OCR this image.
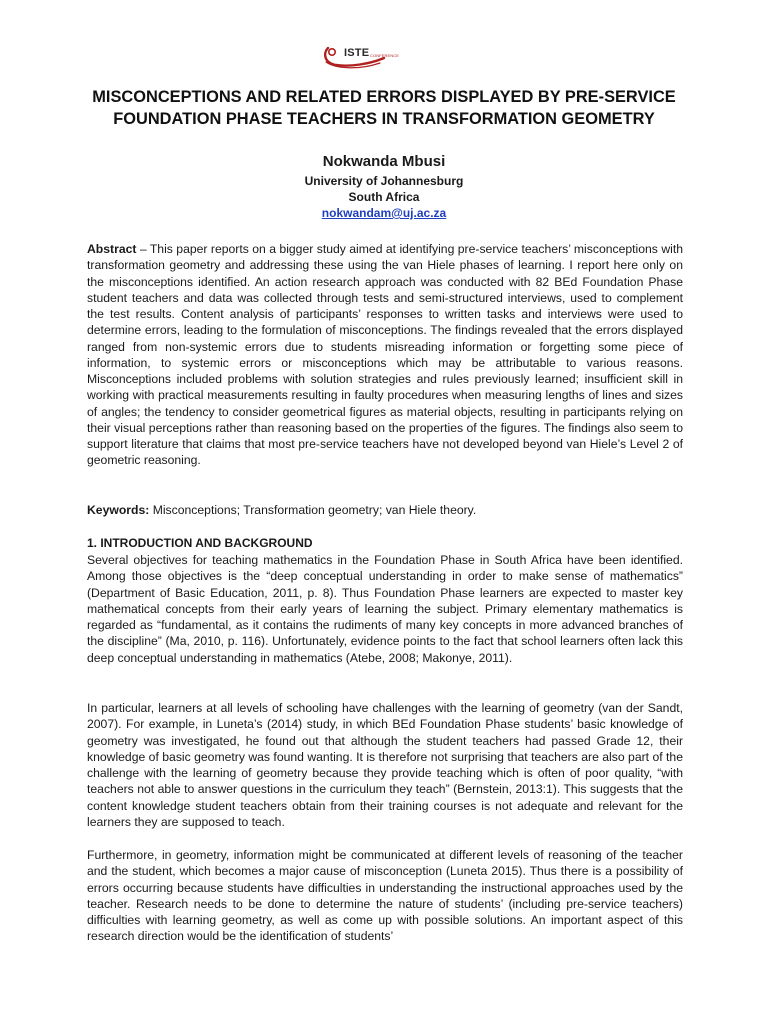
ISTE CONFERENCE
MISCONCEPTIONS AND RELATED ERRORS DISPLAYED BY PRE-SERVICE FOUNDATION PHASE TEACHERS IN TRANSFORMATION GEOMETRY
Nokwanda Mbusi
University of Johannesburg
South Africa
nokwandam@uj.ac.za
Abstract – This paper reports on a bigger study aimed at identifying pre-service teachers’ misconceptions with transformation geometry and addressing these using the van Hiele phases of learning. I report here only on the misconceptions identified. An action research approach was conducted with 82 BEd Foundation Phase student teachers and data was collected through tests and semi-structured interviews, used to complement the test results. Content analysis of participants’ responses to written tasks and interviews were used to determine errors, leading to the formulation of misconceptions. The findings revealed that the errors displayed ranged from non-systemic errors due to students misreading information or forgetting some piece of information, to systemic errors or misconceptions which may be attributable to various reasons. Misconceptions included problems with solution strategies and rules previously learned; insufficient skill in working with practical measurements resulting in faulty procedures when measuring lengths of lines and sizes of angles; the tendency to consider geometrical figures as material objects, resulting in participants relying on their visual perceptions rather than reasoning based on the properties of the figures. The findings also seem to support literature that claims that most pre-service teachers have not developed beyond van Hiele’s Level 2 of geometric reasoning.
Keywords: Misconceptions; Transformation geometry; van Hiele theory.
1. INTRODUCTION AND BACKGROUND
Several objectives for teaching mathematics in the Foundation Phase in South Africa have been identified. Among those objectives is the “deep conceptual understanding in order to make sense of mathematics” (Department of Basic Education, 2011, p. 8). Thus Foundation Phase learners are expected to master key mathematical concepts from their early years of learning the subject. Primary elementary mathematics is regarded as “fundamental, as it contains the rudiments of many key concepts in more advanced branches of the discipline” (Ma, 2010, p. 116). Unfortunately, evidence points to the fact that school learners often lack this deep conceptual understanding in mathematics (Atebe, 2008; Makonye, 2011).
In particular, learners at all levels of schooling have challenges with the learning of geometry (van der Sandt, 2007). For example, in Luneta’s (2014) study, in which BEd Foundation Phase students’ basic knowledge of geometry was investigated, he found out that although the student teachers had passed Grade 12, their knowledge of basic geometry was found wanting. It is therefore not surprising that teachers are also part of the challenge with the learning of geometry because they provide teaching which is often of poor quality, “with teachers not able to answer questions in the curriculum they teach” (Bernstein, 2013:1). This suggests that the content knowledge student teachers obtain from their training courses is not adequate and relevant for the learners they are supposed to teach.
Furthermore, in geometry, information might be communicated at different levels of reasoning of the teacher and the student, which becomes a major cause of misconception (Luneta 2015). Thus there is a possibility of errors occurring because students have difficulties in understanding the instructional approaches used by the teacher. Research needs to be done to determine the nature of students’ (including pre-service teachers) difficulties with learning geometry, as well as come up with possible solutions. An important aspect of this research direction would be the identification of students’
